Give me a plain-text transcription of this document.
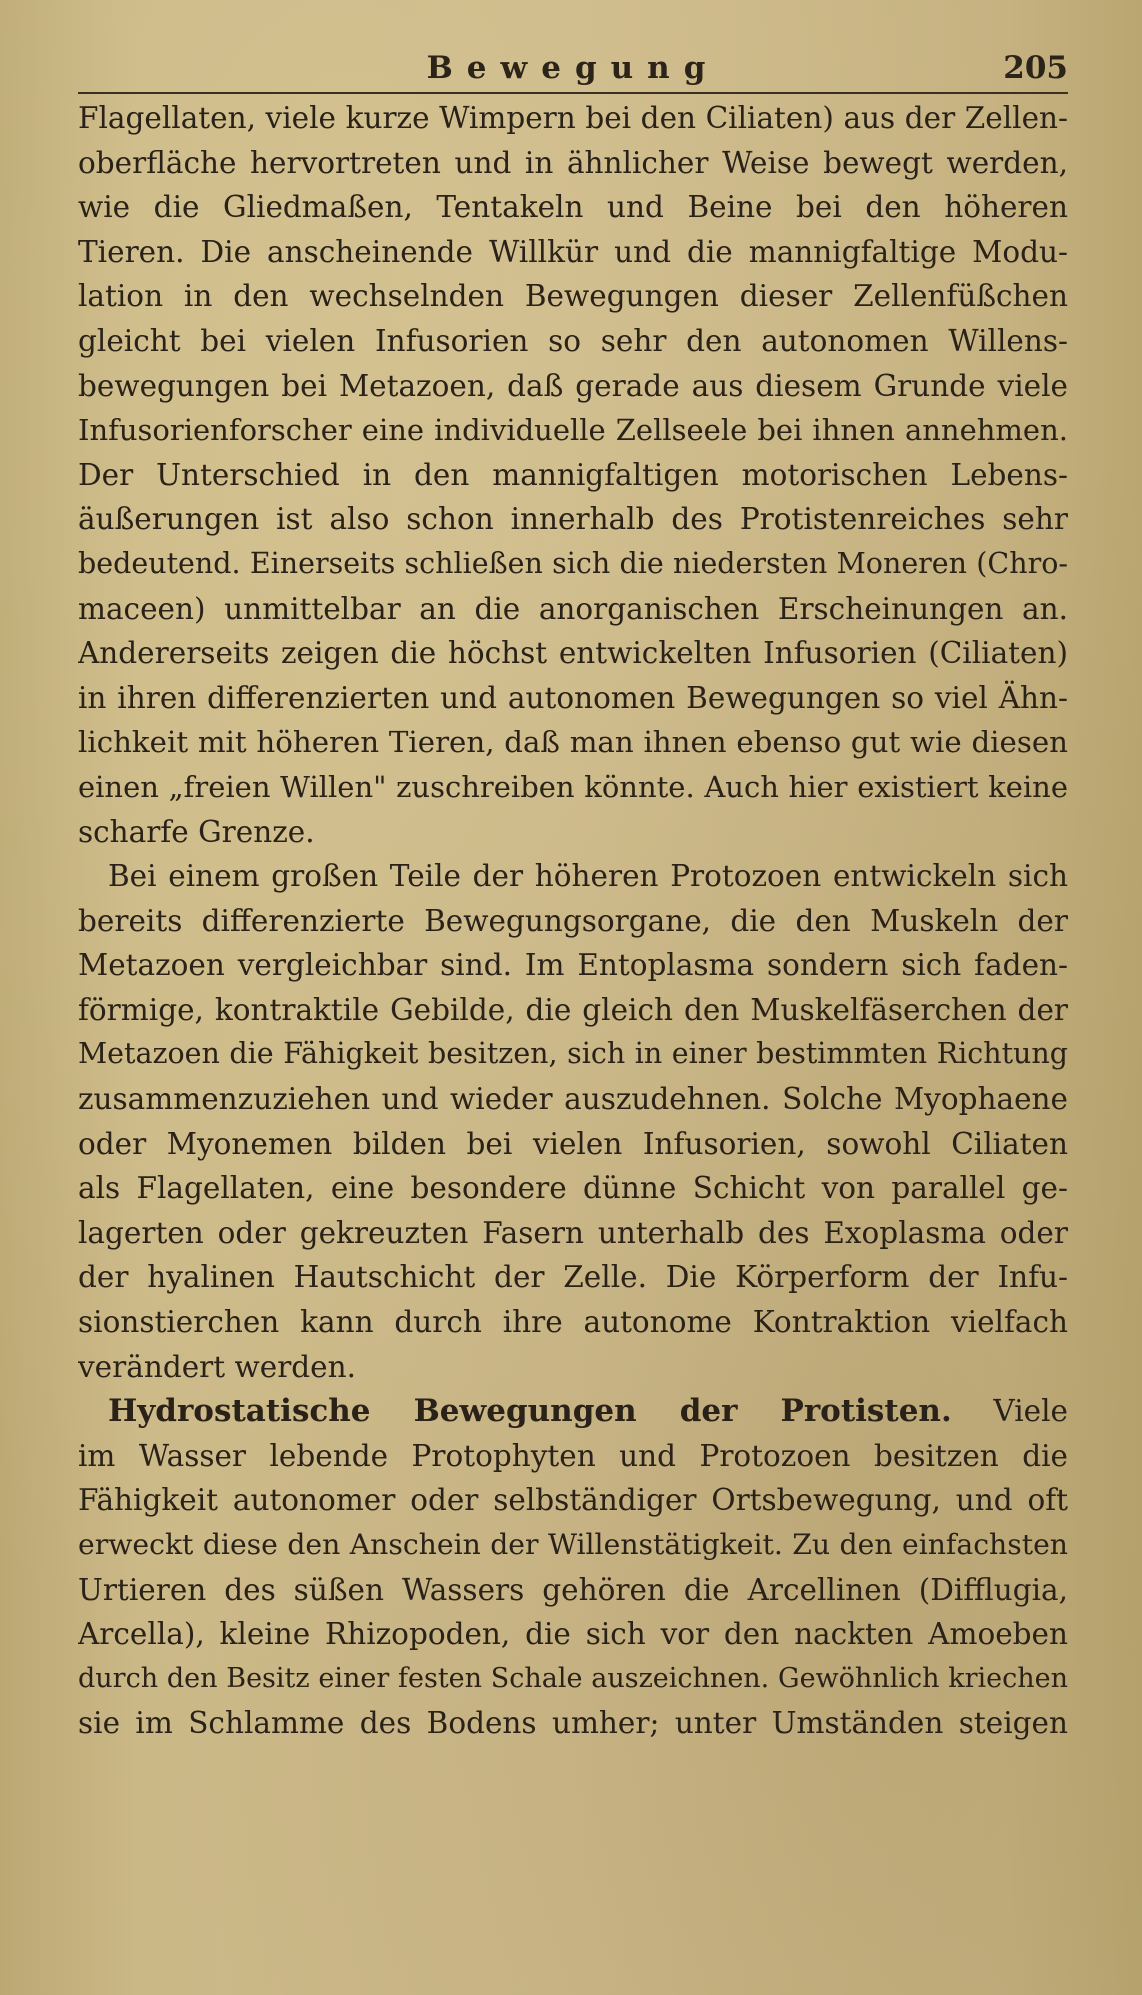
Bewegung	205
Flagellaten, viele kurze Wimpern bei den Ciliaten) aus der Zellen-
oberfläche hervortreten und in ähnlicher Weise bewegt werden,
wie die Gliedmaßen, Tentakeln und Beine bei den höheren
Tieren. Die anscheinende Willkür und die mannigfaltige Modu-
lation in den wechselnden Bewegungen dieser Zellenfüßchen
gleicht bei vielen Infusorien so sehr den autonomen Willens-
bewegungen bei Metazoen, daß gerade aus diesem Grunde viele
Infusorienforscher eine individuelle Zellseele bei ihnen annehmen.
Der Unterschied in den mannigfaltigen motorischen Lebens-
äußerungen ist also schon innerhalb des Protistenreiches sehr
bedeutend. Einerseits schließen sich die niedersten Moneren (Chro-
maceen) unmittelbar an die anorganischen Erscheinungen an.
Andererseits zeigen die höchst entwickelten Infusorien (Ciliaten)
in ihren differenzierten und autonomen Bewegungen so viel Ähn-
lichkeit mit höheren Tieren, daß man ihnen ebenso gut wie diesen
einen „freien Willen" zuschreiben könnte. Auch hier existiert keine
scharfe Grenze.
Bei einem großen Teile der höheren Protozoen entwickeln sich
bereits differenzierte Bewegungsorgane, die den Muskeln der
Metazoen vergleichbar sind. Im Entoplasma sondern sich faden-
förmige, kontraktile Gebilde, die gleich den Muskelfäserchen der
Metazoen die Fähigkeit besitzen, sich in einer bestimmten Richtung
zusammenzuziehen und wieder auszudehnen. Solche Myophaene
oder Myonemen bilden bei vielen Infusorien, sowohl Ciliaten
als Flagellaten, eine besondere dünne Schicht von parallel ge-
lagerten oder gekreuzten Fasern unterhalb des Exoplasma oder
der hyalinen Hautschicht der Zelle. Die Körperform der Infu-
sionstierchen kann durch ihre autonome Kontraktion vielfach
verändert werden.
Hydrostatische Bewegungen der Protisten. Viele
im Wasser lebende Protophyten und Protozoen besitzen die
Fähigkeit autonomer oder selbständiger Ortsbewegung, und oft
erweckt diese den Anschein der Willenstätigkeit. Zu den einfachsten
Urtieren des süßen Wassers gehören die Arcellinen (Difflugia,
Arcella), kleine Rhizopoden, die sich vor den nackten Amoeben
durch den Besitz einer festen Schale auszeichnen. Gewöhnlich kriechen
sie im Schlamme des Bodens umher; unter Umständen steigen
